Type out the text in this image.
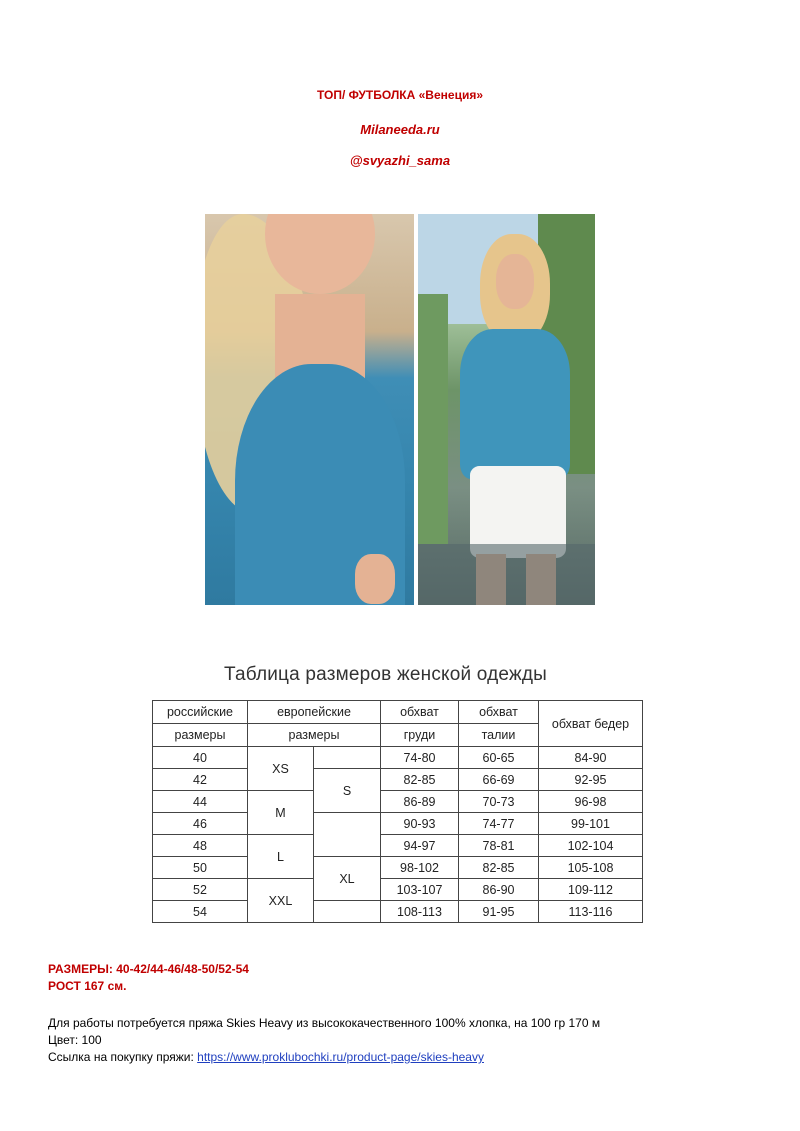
ТОП/ ФУТБОЛКА «Венеция»
Milaneeda.ru
@svyazhi_sama
Таблица размеров женской одежды
российские	европейские		обхват	обхват	обхват бедер
размеры	размеры		груди	талии	
40	XS		74-80	60-65	84-90
42		S	82-85	66-69	92-95
44	M		86-89	70-73	96-98
46			90-93	74-77	99-101
48	L		94-97	78-81	102-104
50		XL	98-102	82-85	105-108
52	XXL		103-107	86-90	109-112
54			108-113	91-95	113-116
РАЗМЕРЫ: 40-42/44-46/48-50/52-54
РОСТ 167 см.
Для работы потребуется пряжа Skies Heavy из высококачественного 100% хлопка, на 100 гр 170 м
Цвет: 100
Ссылка на покупку пряжи: https://www.proklubochki.ru/product-page/skies-heavy
